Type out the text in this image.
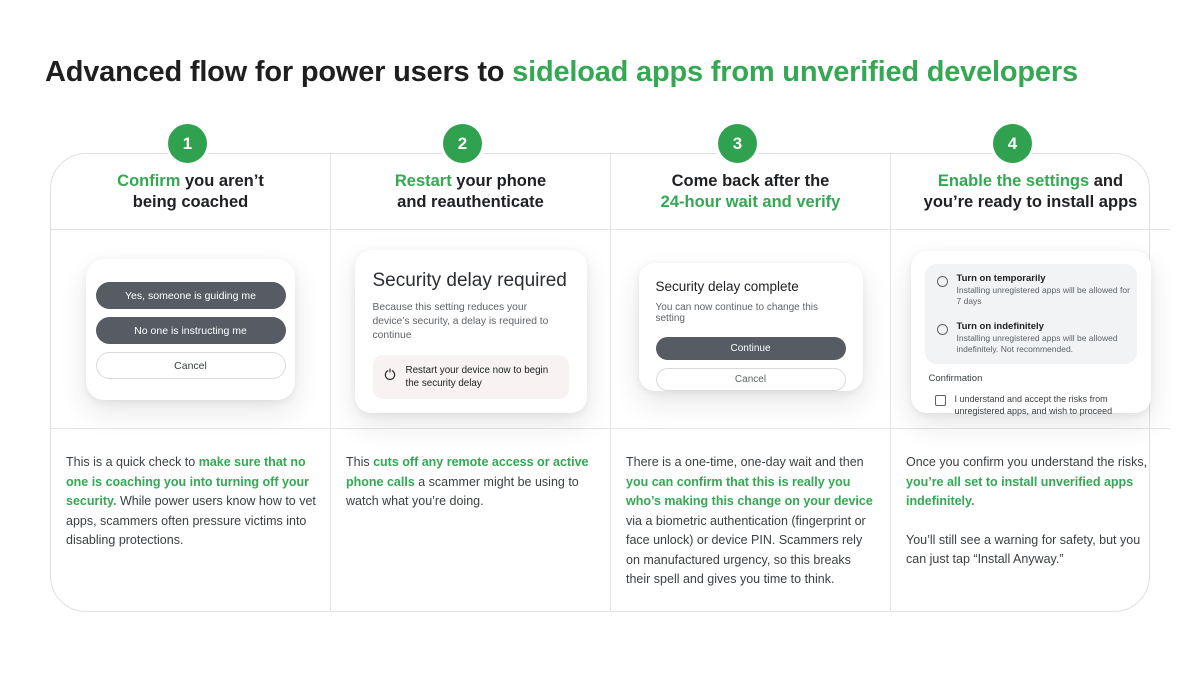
Advanced flow for power users to sideload apps from unverified developers
1	2	3	4
Confirm you aren’t
being coached
Restart your phone
and reauthenticate
Come back after the
24-hour wait and verify
Enable the settings and
you’re ready to install apps
Yes, someone is guiding me
No one is instructing me
Cancel
Security delay required
Because this setting reduces your device’s security, a delay is required to continue
Restart your device now to begin the security delay
Security delay complete
You can now continue to change this setting
Continue
Cancel
Turn on temporarily
Installing unregistered apps will be allowed for 7 days
Turn on indefinitely
Installing unregistered apps will be allowed indefinitely. Not recommended.
Confirmation
I understand and accept the risks from unregistered apps, and wish to proceed

This is a quick check to make sure that no one is coaching you into turning off your security. While power users know how to vet apps, scammers often pressure victims into disabling protections.

This cuts off any remote access or active phone calls a scammer might be using to watch what you’re doing.

There is a one-time, one-day wait and then you can confirm that this is really you who’s making this change on your device via a biometric authentication (fingerprint or face unlock) or device PIN. Scammers rely on manufactured urgency, so this breaks their spell and gives you time to think.

Once you confirm you understand the risks, you’re all set to install unverified apps indefinitely.

You’ll still see a warning for safety, but you can just tap “Install Anyway.”
